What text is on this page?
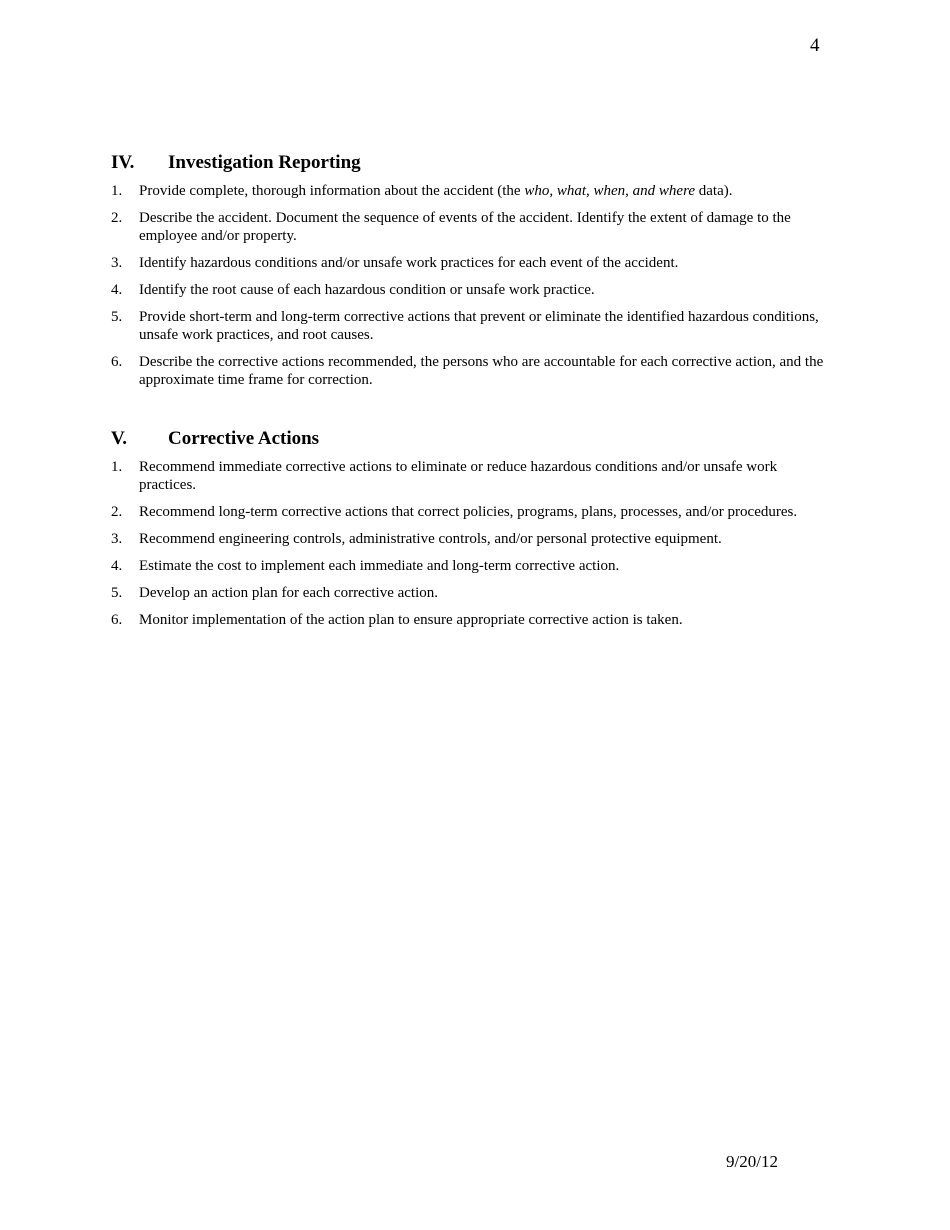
4
IV. Investigation Reporting
1. Provide complete, thorough information about the accident (the who, what, when, and where data).
2. Describe the accident. Document the sequence of events of the accident. Identify the extent of damage to the employee and/or property.
3. Identify hazardous conditions and/or unsafe work practices for each event of the accident.
4. Identify the root cause of each hazardous condition or unsafe work practice.
5. Provide short-term and long-term corrective actions that prevent or eliminate the identified hazardous conditions, unsafe work practices, and root causes.
6. Describe the corrective actions recommended, the persons who are accountable for each corrective action, and the approximate time frame for correction.
V. Corrective Actions
1. Recommend immediate corrective actions to eliminate or reduce hazardous conditions and/or unsafe work practices.
2. Recommend long-term corrective actions that correct policies, programs, plans, processes, and/or procedures.
3. Recommend engineering controls, administrative controls, and/or personal protective equipment.
4. Estimate the cost to implement each immediate and long-term corrective action.
5. Develop an action plan for each corrective action.
6. Monitor implementation of the action plan to ensure appropriate corrective action is taken.
9/20/12
